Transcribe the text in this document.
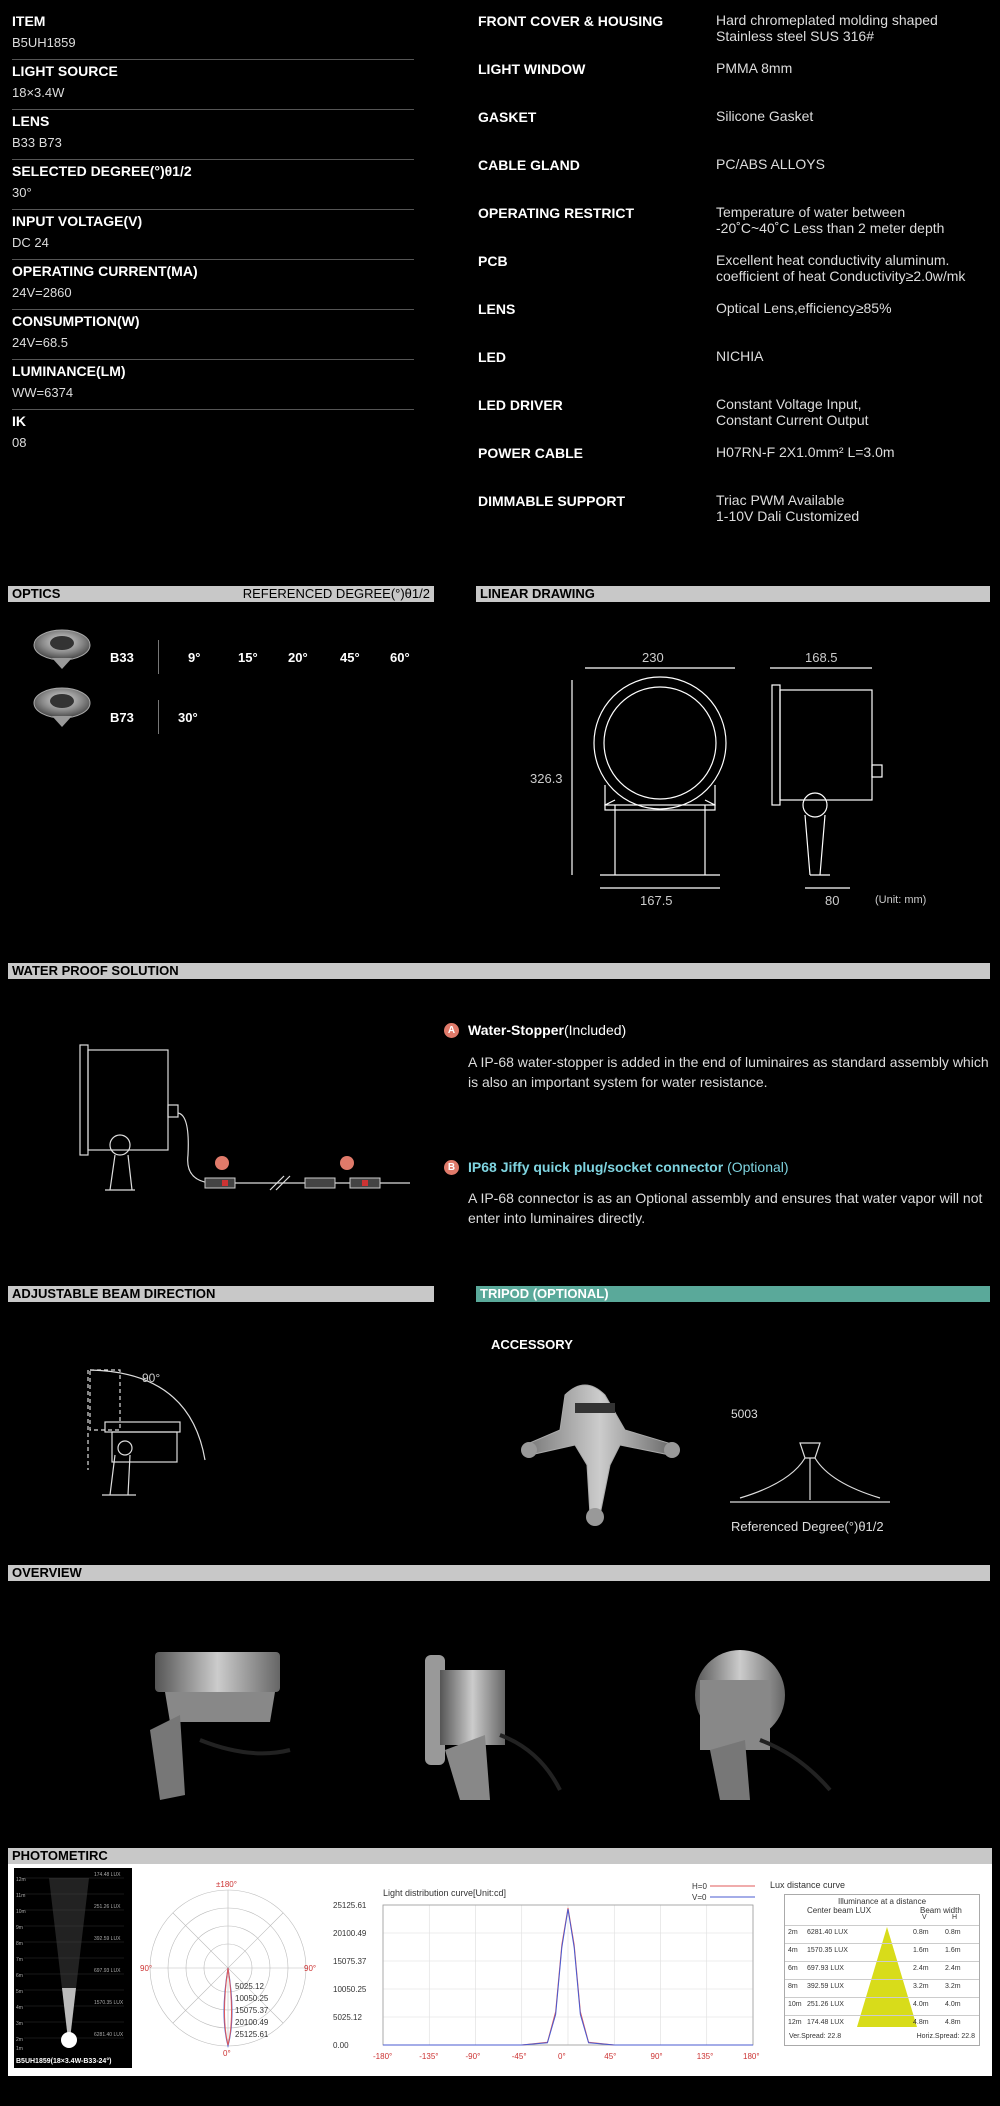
ITEM
B5UH1859
LIGHT SOURCE
18×3.4W
LENS
B33 B73
SELECTED DEGREE(°)θ1/2
30°
INPUT VOLTAGE(V)
DC 24
OPERATING CURRENT(MA)
24V=2860
CONSUMPTION(W)
24V=68.5
LUMINANCE(LM)
WW=6374
IK
08
FRONT COVER & HOUSING	Hard chromeplated molding shaped
Stainless steel SUS 316#
LIGHT WINDOW	PMMA 8mm
GASKET	Silicone Gasket
CABLE GLAND	PC/ABS ALLOYS
OPERATING RESTRICT	Temperature of water between
-20˚C~40˚C Less than 2 meter depth
PCB	Excellent heat conductivity aluminum.
coefficient of heat Conductivity≥2.0w/mk
LENS	Optical Lens,efficiency≥85%
LED	NICHIA
LED DRIVER	Constant Voltage Input,
Constant Current Output
POWER CABLE	H07RN-F 2X1.0mm² L=3.0m
DIMMABLE SUPPORT	Triac PWM Available
1-10V Dali Customized
OPTICS	REFERENCED DEGREE(°)θ1/2
B33	9°	15° 20° 45° 60°
B73	30°
LINEAR DRAWING
230	168.5
326.3
167.5	80	(Unit: mm)
WATER PROOF SOLUTION
A Water-Stopper(Included)
A IP-68 water-stopper is added in the end of luminaires as standard assembly which is also an important system for water resistance.
B IP68 Jiffy quick plug/socket connector (Optional)
A IP-68 connector is as an Optional assembly and ensures that water vapor will not enter into luminaires directly.
ADJUSTABLE BEAM DIRECTION
90°
TRIPOD (OPTIONAL)
ACCESSORY
5003
Referenced Degree(°)θ1/2
OVERVIEW
PHOTOMETIRC
12m
11m
10m
9m
8m
7m
6m
5m
4m
3m
2m
1m
174.48 LUX
251.26 LUX
392.59 LUX
697.93 LUX
1570.35 LUX
6281.40 LUX
B5UH1859(18×3.4W-B33-24°)
±180°
90°	90°
0°
5025.12
10050.25
15075.37
20100.49
25125.61
Light distribution curve[Unit:cd]
H=0
V=0
25125.61
20100.49
15075.37
10050.25
5025.12
0.00
-180°	-135°	-90°	-45°	0°	45°	90°	135°	180°
Lux distance curve
Illuminance at a distance
Center beam LUX	Beam width
V	H
2m 6281.40 LUX	0.8m 0.8m
4m 1570.35 LUX	1.6m 1.6m
6m 697.93 LUX	2.4m 2.4m
8m 392.59 LUX	3.2m 3.2m
10m 251.26 LUX	4.0m 4.0m
12m 174.48 LUX	4.8m 4.8m
Ver.Spread: 22.8	Horiz.Spread: 22.8
